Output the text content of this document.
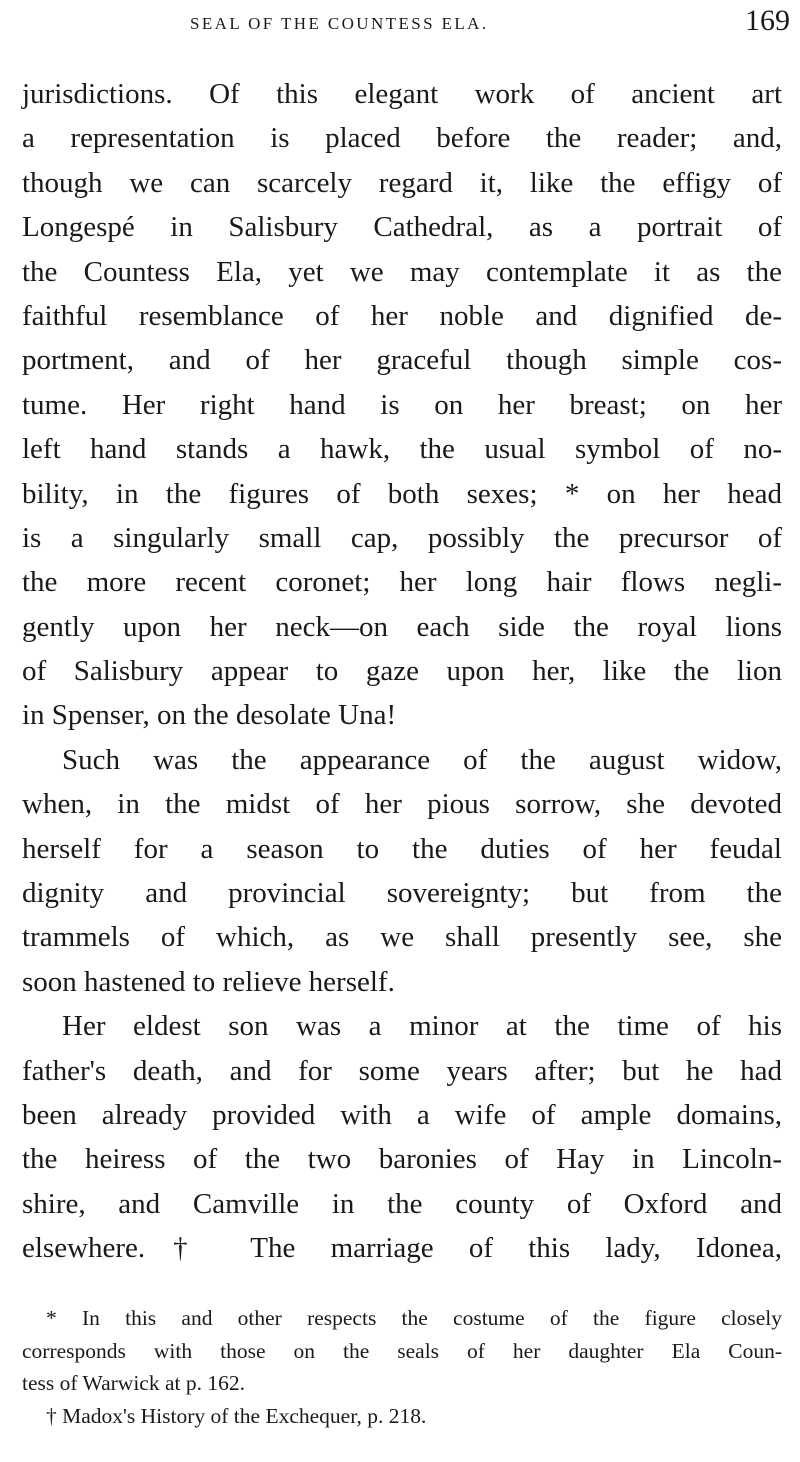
SEAL OF THE COUNTESS ELA.	169
jurisdictions. Of this elegant work of ancient art
a representation is placed before the reader; and,
though we can scarcely regard it, like the effigy of
Longespé in Salisbury Cathedral, as a portrait of
the Countess Ela, yet we may contemplate it as the
faithful resemblance of her noble and dignified de-
portment, and of her graceful though simple cos-
tume. Her right hand is on her breast; on her
left hand stands a hawk, the usual symbol of no-
bility, in the figures of both sexes; * on her head
is a singularly small cap, possibly the precursor of
the more recent coronet; her long hair flows negli-
gently upon her neck—on each side the royal lions
of Salisbury appear to gaze upon her, like the lion
in Spenser, on the desolate Una!
Such was the appearance of the august widow,
when, in the midst of her pious sorrow, she devoted
herself for a season to the duties of her feudal
dignity and provincial sovereignty; but from the
trammels of which, as we shall presently see, she
soon hastened to relieve herself.
Her eldest son was a minor at the time of his
father's death, and for some years after; but he had
been already provided with a wife of ample domains,
the heiress of the two baronies of Hay in Lincoln-
shire, and Camville in the county of Oxford and
elsewhere.† The marriage of this lady, Idonea,
* In this and other respects the costume of the figure closely
corresponds with those on the seals of her daughter Ela Coun-
tess of Warwick at p. 162.
† Madox's History of the Exchequer, p. 218.
